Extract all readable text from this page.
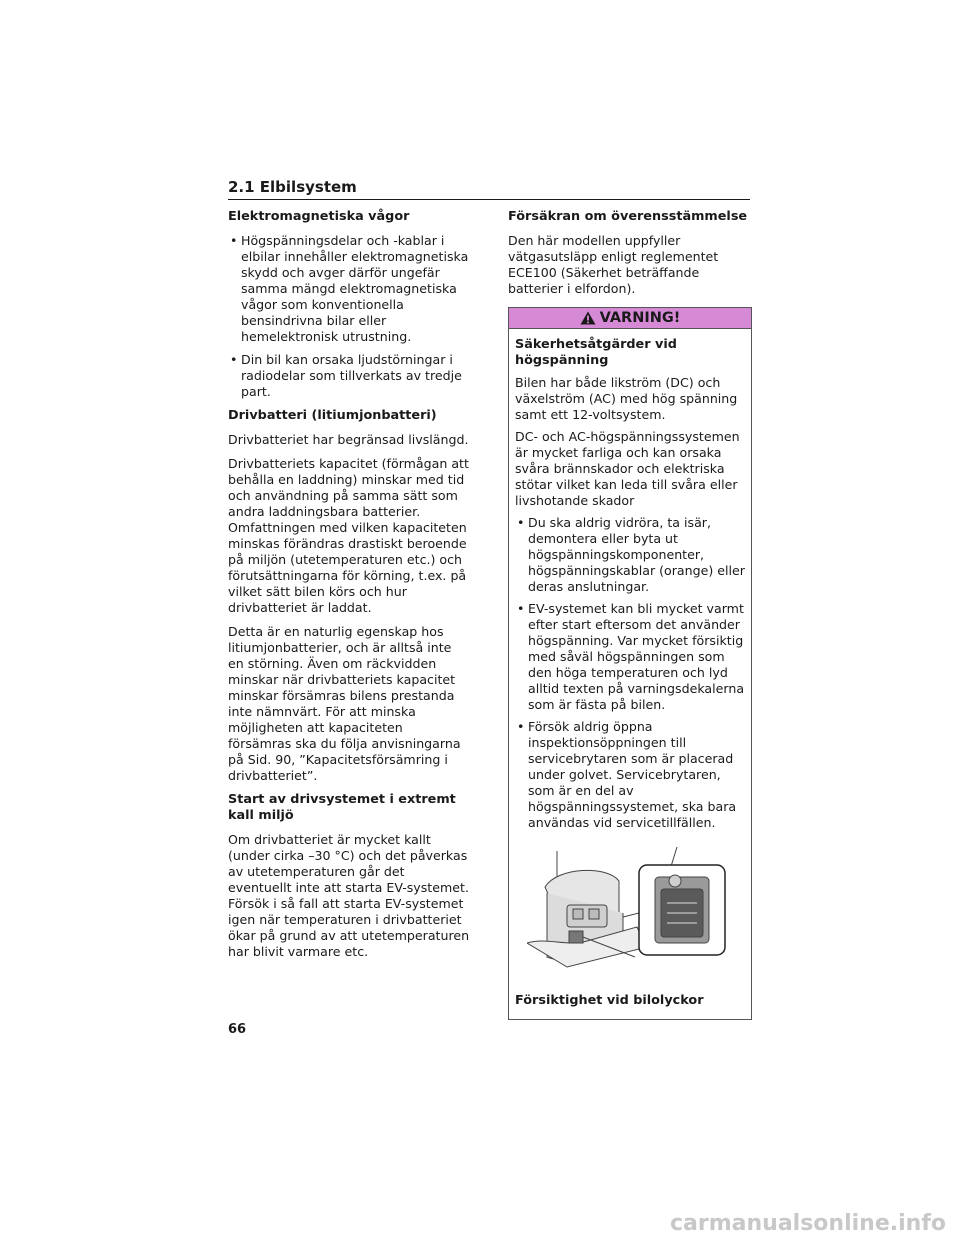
2.1 Elbilsystem
Elektromagnetiska vågor
• Högspänningsdelar och -kablar i elbilar innehåller elektromagnetiska skydd och avger därför ungefär samma mängd elektromagnetiska vågor som konventionella bensindrivna bilar eller hemelektronisk utrustning.
• Din bil kan orsaka ljudstörningar i radiodelar som tillverkats av tredje part.
Drivbatteri (litiumjonbatteri)

Drivbatteriet har begränsad livslängd.

Drivbatteriets kapacitet (förmågan att behålla en laddning) minskar med tid och användning på samma sätt som andra laddningsbara batterier. Omfattningen med vilken kapaciteten minskas förändras drastiskt beroende på miljön (utetemperaturen etc.) och förutsättningarna för körning, t.ex. på vilket sätt bilen körs och hur drivbatteriet är laddat.

Detta är en naturlig egenskap hos litiumjonbatterier, och är alltså inte en störning. Även om räckvidden minskar när drivbatteriets kapacitet minskar försämras bilens prestanda inte nämnvärt. För att minska möjligheten att kapaciteten försämras ska du följa anvisningarna på Sid. 90, ”Kapacitetsförsämring i drivbatteriet”.

Start av drivsystemet i extremt kall miljö

Om drivbatteriet är mycket kallt (under cirka –30 °C) och det påverkas av utetemperaturen går det eventuellt inte att starta EV-systemet. Försök i så fall att starta EV-systemet igen när temperaturen i drivbatteriet ökar på grund av att utetemperaturen har blivit varmare etc.

Försäkran om överensstämmelse

Den här modellen uppfyller vätgasutsläpp enligt reglementet ECE100 (Säkerhet beträffande batterier i elfordon).

VARNING!
Säkerhetsåtgärder vid högspänning

Bilen har både likström (DC) och växelström (AC) med hög spänning samt ett 12-voltsystem.

DC- och AC-högspänningssystemen är mycket farliga och kan orsaka svåra brännskador och elektriska stötar vilket kan leda till svåra eller livshotande skador

• Du ska aldrig vidröra, ta isär, demontera eller byta ut högspänningskomponenter, högspänningskablar (orange) eller deras anslutningar.
• EV-systemet kan bli mycket varmt efter start eftersom det använder högspänning. Var mycket försiktig med såväl högspänningen som den höga temperaturen och lyd alltid texten på varningsdekalerna som är fästa på bilen.
• Försök aldrig öppna inspektionsöppningen till servicebrytaren som är placerad under golvet. Servicebrytaren, som är en del av högspänningssystemet, ska bara användas vid servicetillfällen.
Försiktighet vid bilolyckor
66
carmanualsonline.info
